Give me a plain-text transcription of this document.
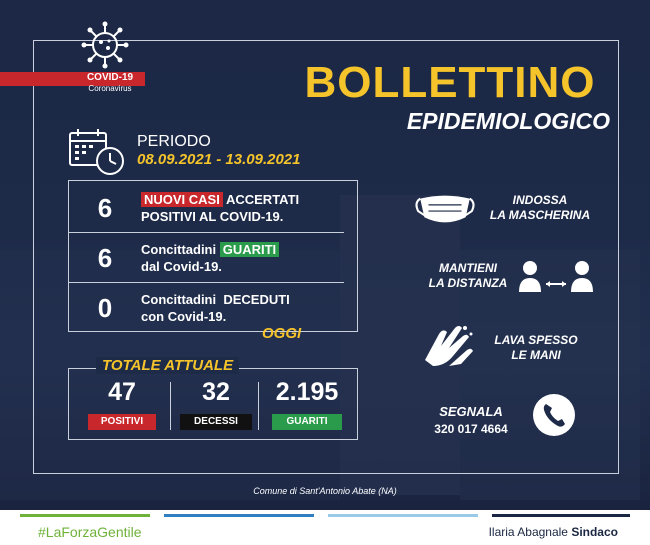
COVID-19
Coronavirus	BOLLETTINO
EPIDEMIOLOGICO
PERIODO
08.09.2021 - 13.09.2021
6	NUOVI CASI ACCERTATI
POSITIVI AL COVID-19.
6	Concittadini GUARITI
dal Covid-19.
0	Concittadini  DECEDUTI
con Covid-19.
OGGI
TOTALE ATTUALE
47
POSITIVI
32
DECESSI
2.195
GUARITI
INDOSSA
LA MASCHERINA
MANTIENI
LA DISTANZA
LAVA SPESSO
LE MANI
SEGNALA
320 017 4664
Comune di Sant'Antonio Abate (NA)
#LaForzaGentile	Ilaria Abagnale Sindaco
